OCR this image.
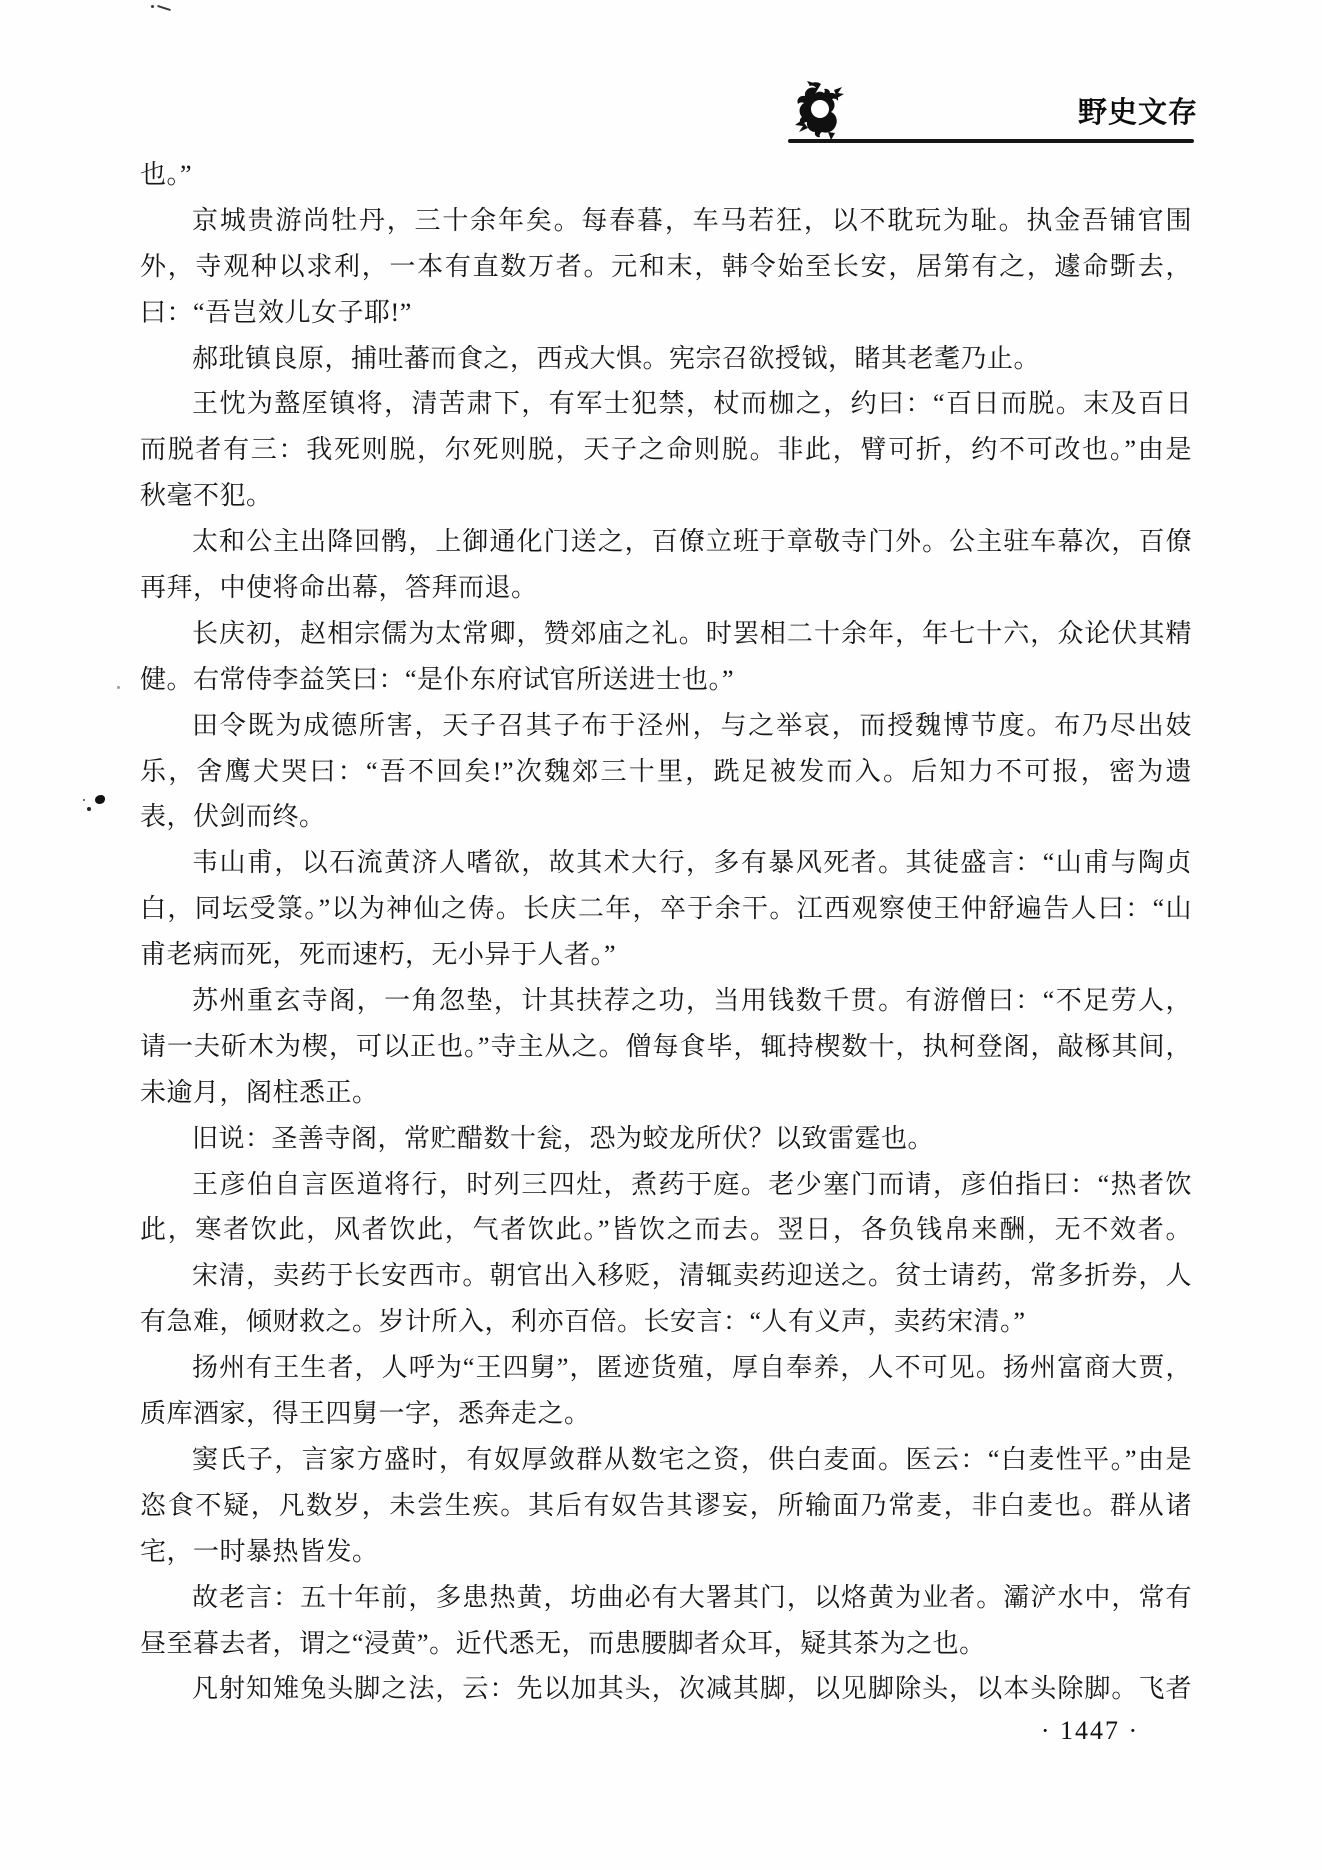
野史文存
也。”
京城贵游尚牡丹，三十余年矣。每春暮，车马若狂，以不耽玩为耻。执金吾铺官围
外，寺观种以求利，一本有直数万者。元和末，韩令始至长安，居第有之，遽命斲去，
曰：“吾岂效儿女子耶!”
郝玭镇良原，捕吐蕃而食之，西戎大惧。宪宗召欲授钺，睹其老耄乃止。
王忱为盩厔镇将，清苦肃下，有军士犯禁，杖而枷之，约曰：“百日而脱。末及百日
而脱者有三：我死则脱，尔死则脱，天子之命则脱。非此，臂可折，约不可改也。”由是
秋毫不犯。
太和公主出降回鹘，上御通化门送之，百僚立班于章敬寺门外。公主驻车幕次，百僚
再拜，中使将命出幕，答拜而退。
长庆初，赵相宗儒为太常卿，赞郊庙之礼。时罢相二十余年，年七十六，众论伏其精
健。右常侍李益笑曰：“是仆东府试官所送进士也。”
田令既为成德所害，天子召其子布于泾州，与之举哀，而授魏博节度。布乃尽出妓
乐，舍鹰犬哭曰：“吾不回矣!”次魏郊三十里，跣足被发而入。后知力不可报，密为遗
表，伏剑而终。
韦山甫，以石流黄济人嗜欲，故其术大行，多有暴风死者。其徒盛言：“山甫与陶贞
白，同坛受箓。”以为神仙之俦。长庆二年，卒于余干。江西观察使王仲舒遍告人曰：“山
甫老病而死，死而速朽，无小异于人者。”
苏州重玄寺阁，一角忽垫，计其扶荐之功，当用钱数千贯。有游僧曰：“不足劳人，
请一夫斫木为楔，可以正也。”寺主从之。僧每食毕，辄持楔数十，执柯登阁，敲椓其间，
未逾月，阁柱悉正。
旧说：圣善寺阁，常贮醋数十瓮，恐为蛟龙所伏？以致雷霆也。
王彦伯自言医道将行，时列三四灶，煮药于庭。老少塞门而请，彦伯指曰：“热者饮
此，寒者饮此，风者饮此，气者饮此。”皆饮之而去。翌日，各负钱帛来酬，无不效者。
宋清，卖药于长安西市。朝官出入移贬，清辄卖药迎送之。贫士请药，常多折券，人
有急难，倾财救之。岁计所入，利亦百倍。长安言：“人有义声，卖药宋清。”
扬州有王生者，人呼为“王四舅”，匿迹货殖，厚自奉养，人不可见。扬州富商大贾，
质库酒家，得王四舅一字，悉奔走之。
窦氏子，言家方盛时，有奴厚敛群从数宅之资，供白麦面。医云：“白麦性平。”由是
恣食不疑，凡数岁，未尝生疾。其后有奴告其谬妄，所输面乃常麦，非白麦也。群从诸
宅，一时暴热皆发。
故老言：五十年前，多患热黄，坊曲必有大署其门，以烙黄为业者。灞浐水中，常有
昼至暮去者，谓之“浸黄”。近代悉无，而患腰脚者众耳，疑其茶为之也。
凡射知雉兔头脚之法，云：先以加其头，次减其脚，以见脚除头，以本头除脚。飞者
· 1447 ·
